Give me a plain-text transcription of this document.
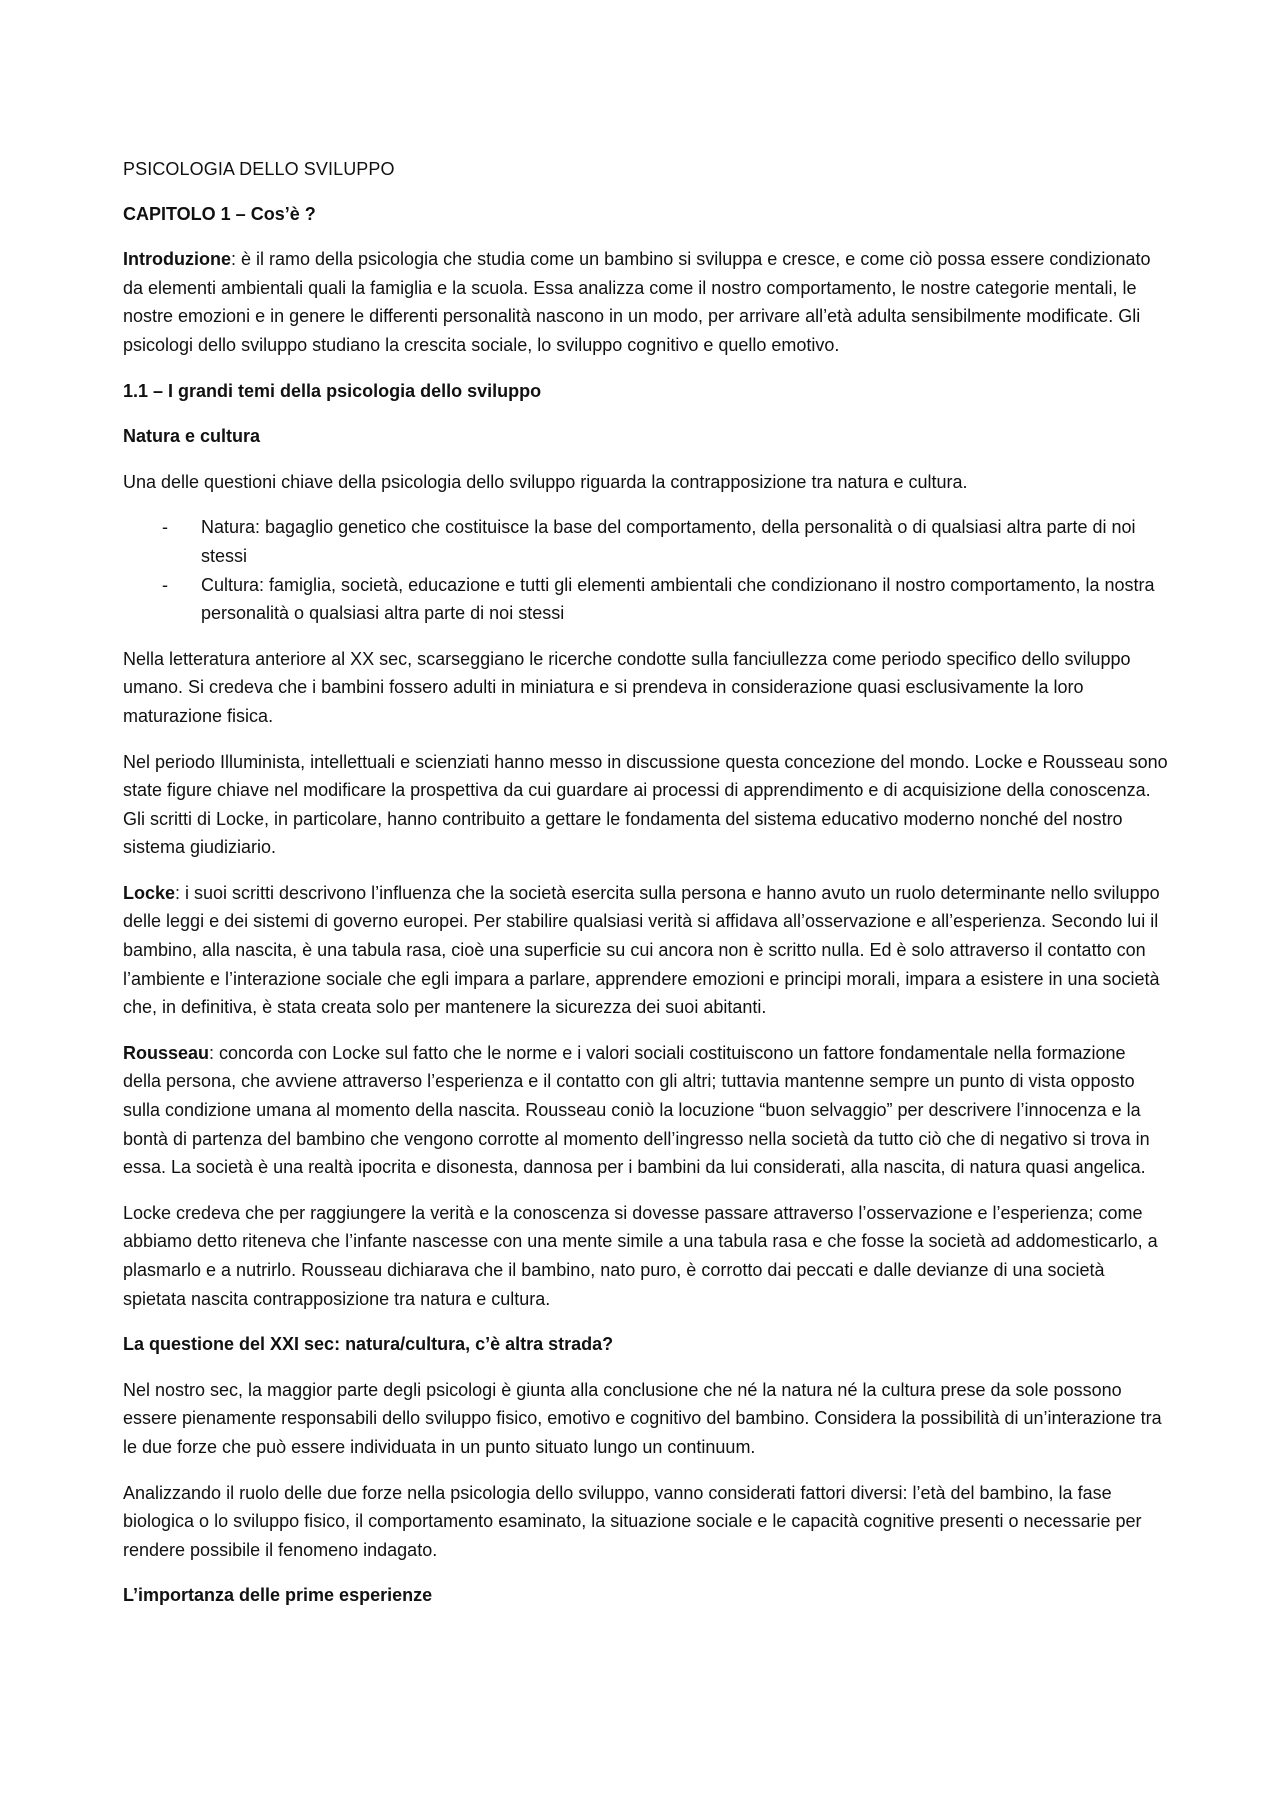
PSICOLOGIA DELLO SVILUPPO

CAPITOLO 1 – Cos’è ?

Introduzione: è il ramo della psicologia che studia come un bambino si sviluppa e cresce, e come ciò possa essere condizionato da elementi ambientali quali la famiglia e la scuola. Essa analizza come il nostro comportamento, le nostre categorie mentali, le nostre emozioni e in genere le differenti personalità nascono in un modo, per arrivare all’età adulta sensibilmente modificate. Gli psicologi dello sviluppo studiano la crescita sociale, lo sviluppo cognitivo e quello emotivo.

1.1 – I grandi temi della psicologia dello sviluppo

Natura e cultura

Una delle questioni chiave della psicologia dello sviluppo riguarda la contrapposizione tra natura e cultura.

- Natura: bagaglio genetico che costituisce la base del comportamento, della personalità o di qualsiasi altra parte di noi stessi
- Cultura: famiglia, società, educazione e tutti gli elementi ambientali che condizionano il nostro comportamento, la nostra personalità o qualsiasi altra parte di noi stessi

Nella letteratura anteriore al XX sec, scarseggiano le ricerche condotte sulla fanciullezza come periodo specifico dello sviluppo umano. Si credeva che i bambini fossero adulti in miniatura e si prendeva in considerazione quasi esclusivamente la loro maturazione fisica.

Nel periodo Illuminista, intellettuali e scienziati hanno messo in discussione questa concezione del mondo. Locke e Rousseau sono state figure chiave nel modificare la prospettiva da cui guardare ai processi di apprendimento e di acquisizione della conoscenza. Gli scritti di Locke, in particolare, hanno contribuito a gettare le fondamenta del sistema educativo moderno nonché del nostro sistema giudiziario.

Locke: i suoi scritti descrivono l’influenza che la società esercita sulla persona e hanno avuto un ruolo determinante nello sviluppo delle leggi e dei sistemi di governo europei. Per stabilire qualsiasi verità si affidava all’osservazione e all’esperienza. Secondo lui il bambino, alla nascita, è una tabula rasa, cioè una superficie su cui ancora non è scritto nulla. Ed è solo attraverso il contatto con l’ambiente e l’interazione sociale che egli impara a parlare, apprendere emozioni e principi morali, impara a esistere in una società che, in definitiva, è stata creata solo per mantenere la sicurezza dei suoi abitanti.

Rousseau: concorda con Locke sul fatto che le norme e i valori sociali costituiscono un fattore fondamentale nella formazione della persona, che avviene attraverso l’esperienza e il contatto con gli altri; tuttavia mantenne sempre un punto di vista opposto sulla condizione umana al momento della nascita. Rousseau coniò la locuzione “buon selvaggio” per descrivere l’innocenza e la bontà di partenza del bambino che vengono corrotte al momento dell’ingresso nella società da tutto ciò che di negativo si trova in essa. La società è una realtà ipocrita e disonesta, dannosa per i bambini da lui considerati, alla nascita, di natura quasi angelica.

Locke credeva che per raggiungere la verità e la conoscenza si dovesse passare attraverso l’osservazione e l’esperienza; come abbiamo detto riteneva che l’infante nascesse con una mente simile a una tabula rasa e che fosse la società ad addomesticarlo, a plasmarlo e a nutrirlo. Rousseau dichiarava che il bambino, nato puro, è corrotto dai peccati e dalle devianze di una società spietata nascita contrapposizione tra natura e cultura.

La questione del XXI sec: natura/cultura, c’è altra strada?

Nel nostro sec, la maggior parte degli psicologi è giunta alla conclusione che né la natura né la cultura prese da sole possono essere pienamente responsabili dello sviluppo fisico, emotivo e cognitivo del bambino. Considera la possibilità di un’interazione tra le due forze che può essere individuata in un punto situato lungo un continuum.

Analizzando il ruolo delle due forze nella psicologia dello sviluppo, vanno considerati fattori diversi: l’età del bambino, la fase biologica o lo sviluppo fisico, il comportamento esaminato, la situazione sociale e le capacità cognitive presenti o necessarie per rendere possibile il fenomeno indagato.

L’importanza delle prime esperienze
